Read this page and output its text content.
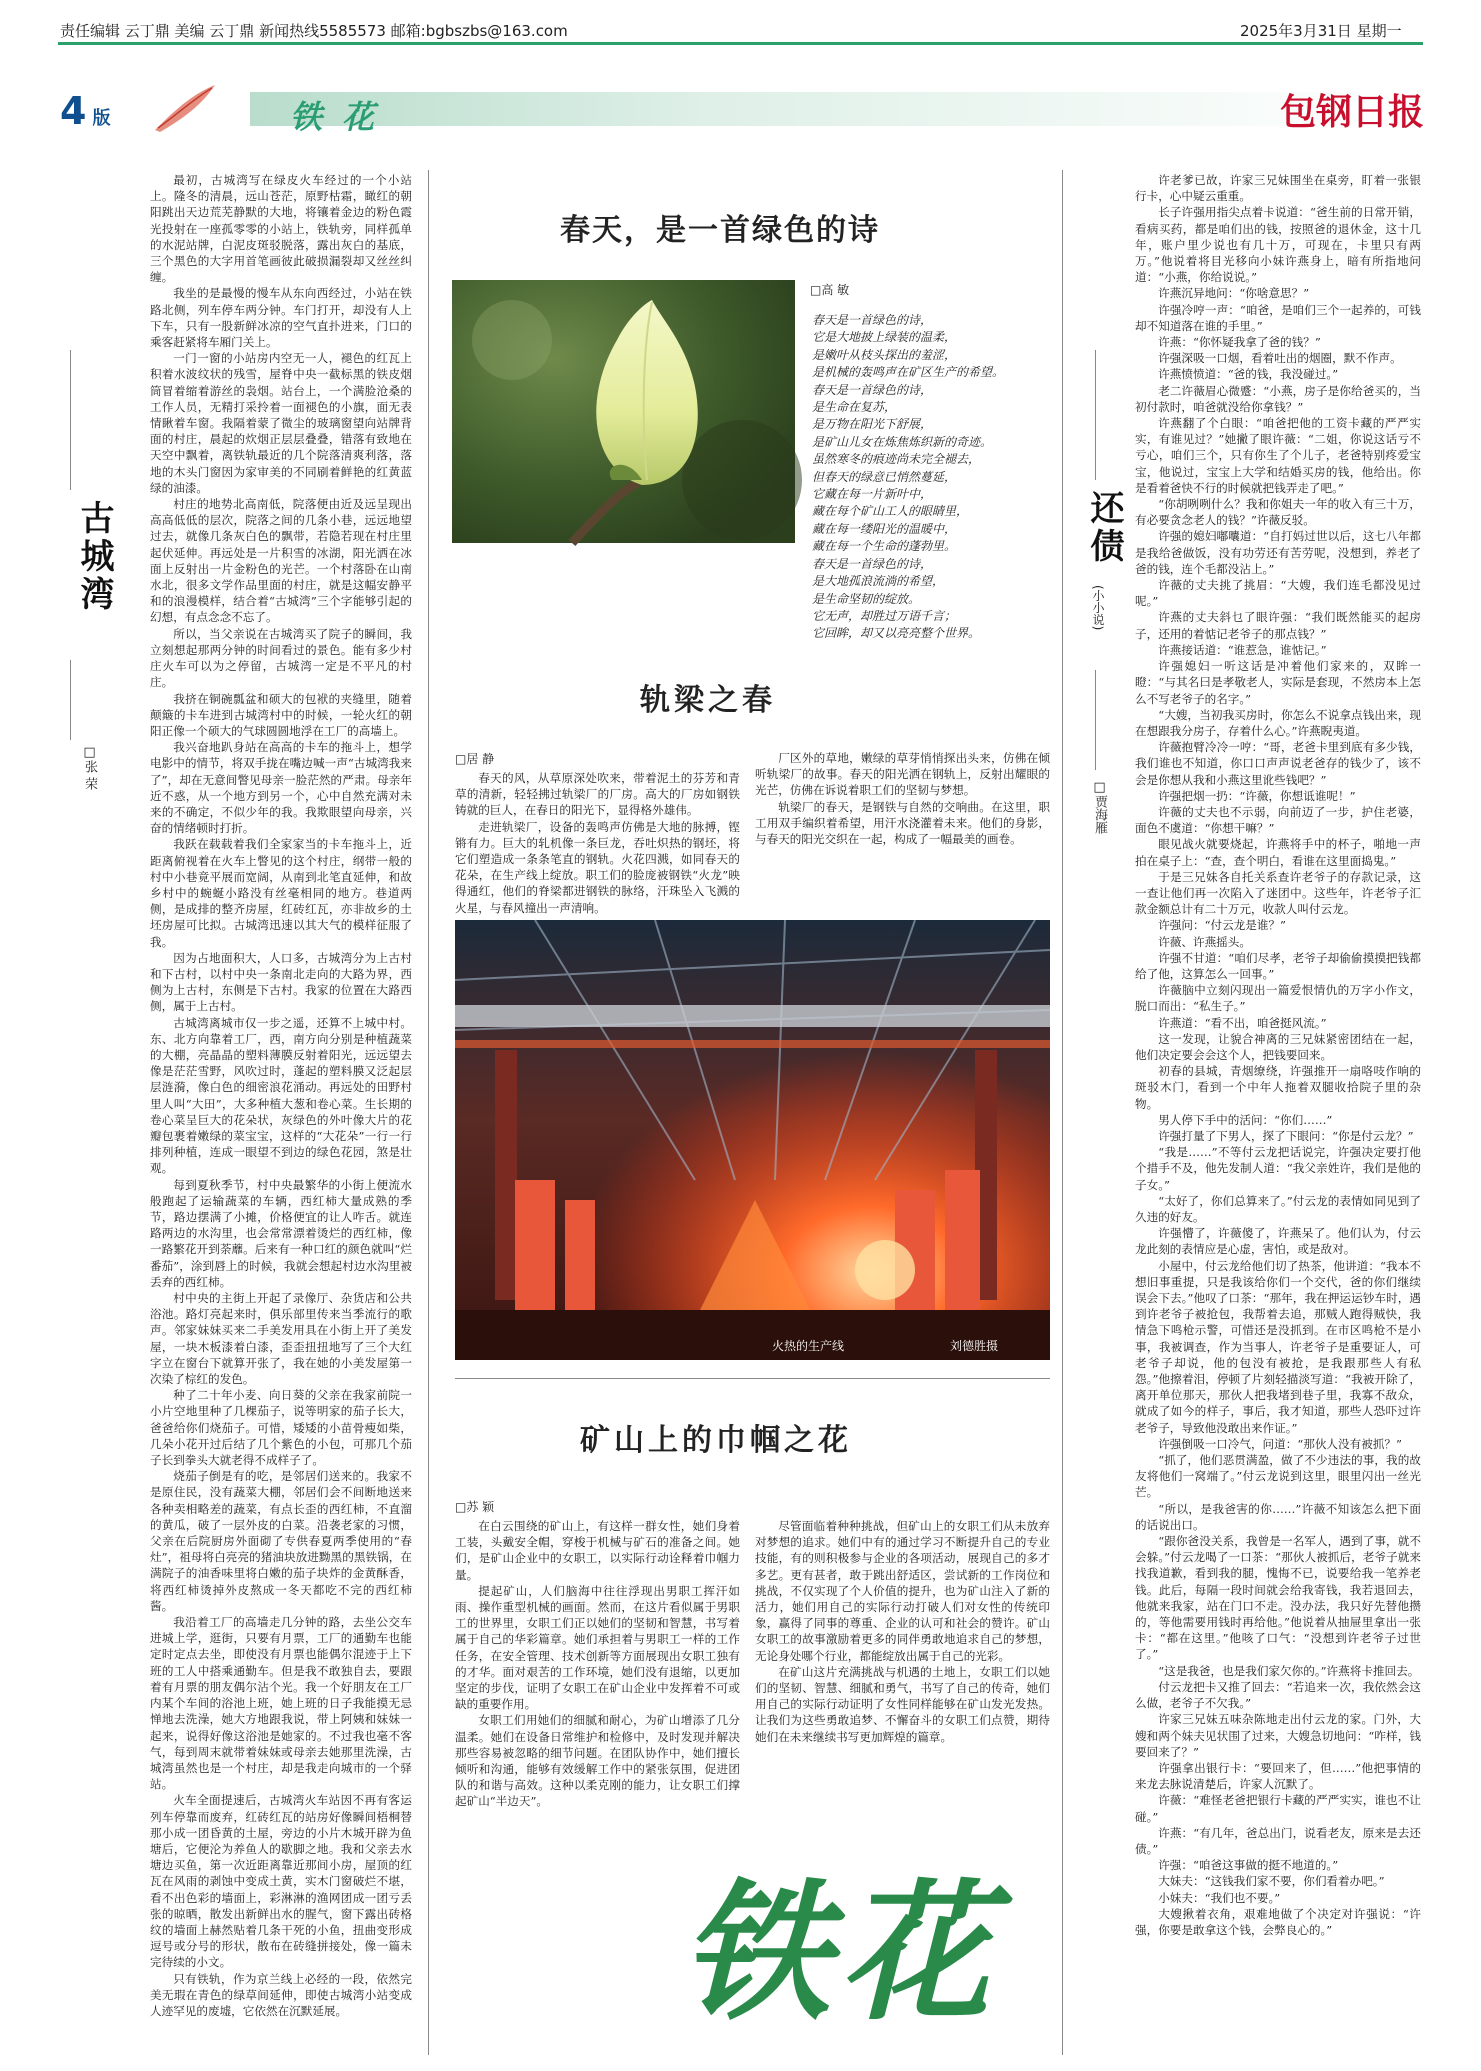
责任编辑 云丁鼎 美编 云丁鼎 新闻热线5585573 邮箱:bgbszbs@163.com	2025年3月31日 星期一
4 版	铁花	包钢日报
古城湾
□张 荣

最初，古城湾写在绿皮火车经过的一个小站上。隆冬的清晨，远山苍茫，原野枯霜，瞰红的朝阳跳出天边荒芜静默的大地，将镶着金边的粉色霞光投射在一座孤零零的小站上，铁轨旁，同样孤单的水泥站牌，白泥皮斑驳脱落，露出灰白的基底，三个黑色的大字用首笔画彼此破损漏裂却又丝丝纠缠。

我坐的是最慢的慢车从东向西经过，小站在铁路北侧，列车停车两分钟。车门打开，却没有人上下车，只有一股新鲜冰凉的空气直扑进来，门口的乘客赶紧将车厢门关上。

一门一窗的小站房内空无一人，褪色的红瓦上积着水波纹状的残雪，屋脊中央一截标黑的铁皮烟筒冒着缩着游丝的袅烟。站台上，一个满脸沧桑的工作人员，无精打采拎着一面褪色的小旗，面无表情瞅着车窗。我隔着蒙了微尘的玻璃窗望向站牌背面的村庄，晨起的炊烟正层层叠叠，错落有致地在天空中飘着，离铁轨最近的几个院落清爽利落，落地的木头门窗因为家审美的不同刷着鲜艳的红黄蓝绿的油漆。

村庄的地势北高南低，院落便由近及远呈现出高高低低的层次，院落之间的几条小巷，远远地望过去，就像几条灰白色的飘带，若隐若现在村庄里起伏延伸。再远处是一片积雪的冰湖，阳光洒在冰面上反射出一片金粉色的光芒。一个村落卧在山南水北，很多文学作品里面的村庄，就是这幅安静平和的浪漫模样，结合着“古城湾”三个字能够引起的幻想，有点念念不忘了。

所以，当父亲说在古城湾买了院子的瞬间，我立刻想起那两分钟的时间看过的景色。能有多少村庄火车可以为之停留，古城湾一定是不平凡的村庄。

我挤在铜碗瓢盆和硕大的包袱的夹缝里，随着颠簸的卡车进到古城湾村中的时候，一轮火红的朝阳正像一个硕大的气球圆圆地浮在工厂的高墙上。

我兴奋地趴身站在高高的卡车的拖斗上，想学电影中的情节，将双手拢在嘴边喊一声“古城湾我来了”，却在无意间瞥见母亲一脸茫然的严肃。母亲年近不惑，从一个地方到另一个，心中自然充满对未来的不确定，不似少年的我。我欺眼望向母亲，兴奋的情绪顿时打折。

我跃在载载着我们全家家当的卡车拖斗上，近距离俯视着在火车上瞥见的这个村庄，纲带一般的村中小巷竟平展而宽阔，从南到北笔直延伸，和故乡村中的蜿蜒小路没有丝毫相同的地方。巷道两侧，是成排的整齐房屋，红砖红瓦，亦非故乡的土坯房屋可比拟。古城湾迅速以其大气的模样征服了我。

因为占地面积大，人口多，古城湾分为上古村和下古村，以村中央一条南北走向的大路为界，西侧为上古村，东侧是下古村。我家的位置在大路西侧，属于上古村。

古城湾离城市仅一步之遥，还算不上城中村。东、北方向靠着工厂，西，南方向分别是种植蔬菜的大棚，亮晶晶的塑料薄膜反射着阳光，远远望去像是茫茫雪野，风吹过时，蓬起的塑料膜又泛起层层涟漪，像白色的细密浪花涌动。再远处的田野村里人叫“大田”，大多种植大葱和卷心菜。生长期的卷心菜呈巨大的花朵状，灰绿色的外叶像大片的花瓣包裹着嫩绿的菜宝宝，这样的“大花朵”一行一行排列种植，连成一眼望不到边的绿色花园，煞是壮观。

每到夏秋季节，村中央最繁华的小街上便流水般跑起了运输蔬菜的车辆，西红柿大量成熟的季节，路边摆满了小摊，价格便宜的让人咋舌。就连路两边的水沟里，也会常常漂着烫烂的西红柿，像一路繁花开到荼蘼。后来有一种口红的颜色就叫“烂番茄”，涂到唇上的时候，我就会想起村边水沟里被丢弃的西红柿。

村中央的主街上开起了录像厅、杂货店和公共浴池。路灯亮起来时，俱乐部里传来当季流行的歌声。邻家妹妹买来二手美发用具在小街上开了美发屋，一块木板漆着白漆，歪歪扭扭地写了三个大红字立在窗台下就算开张了，我在她的小美发屋第一次染了棕红的发色。

种了二十年小麦、向日葵的父亲在我家前院一小片空地里种了几棵茄子，说等明家的茄子长大，爸爸给你们烧茄子。可惜，矮矮的小苗骨瘦如柴，几朵小花开过后结了几个紫色的小包，可那几个茄子长到拳头大就老得不成样子了。

烧茄子倒是有的吃，是邻居们送来的。我家不是原住民，没有蔬菜大棚，邻居们会不间断地送来各种卖相略差的蔬菜，有点长歪的西红柿，不直溜的黄瓜，破了一层外皮的白菜。沿袭老家的习惯，父亲在后院厨房外面砌了专供春夏两季使用的“春灶”，祖母将白亮亮的猪油块放进黝黑的黑铁锅，在满院子的油香味里将白嫩的茄子块炸的金黄酥香，将西红柿烫掉外皮熬成一冬天都吃不完的西红柿酱。

我沿着工厂的高墙走几分钟的路，去坐公交车进城上学，逛街，只要有月票，工厂的通勤车也能定时定点去坐，即使没有月票也能偶尔混迹于上下班的工人中搭乘通勤车。但是我不敢独自去，要跟着有月票的朋友偶尔沾个光。我一个好朋友在工厂内某个车间的浴池上班，她上班的日子我能摸无忌惮地去洗澡，她大方地跟我说，带上阿姨和妹妹一起来，说得好像这浴池是她家的。不过我也毫不客气，每到周末就带着妹妹或母亲去她那里洗澡，古城湾虽然也是一个村庄，却是我走向城市的一个驿站。

火车全面提速后，古城湾火车站因不再有客运列车停靠而废弃，红砖红瓦的站房好像瞬间梧桐替那小成一团昏黄的土屋，旁边的小片木城开辟为鱼塘后，它便沦为养鱼人的歇脚之地。我和父亲去水塘边买鱼，第一次近距离靠近那间小房，屋顶的红瓦在风雨的剥蚀中变成土黄，实木门窗破烂不堪，看不出色彩的墙面上，彩淋淋的渔网团成一团亏丢张的晾晒，散发出新鲜出水的腥气，窗下露出砖格纹的墙面上赫然贴着几条干死的小鱼，扭曲变形成逗号或分号的形状，散布在砖缝拼接处，像一篇未完待续的小文。

只有铁轨，作为京兰线上必经的一段，依然完美无瑕在青色的绿草间延伸，即使古城湾小站变成人迹罕见的废墟，它依然在沉默延展。

春天，是一首绿色的诗
□高 敏
春天是一首绿色的诗，
它是大地披上绿装的温柔，
是嫩叶从枝头探出的羞涩，
是机械的轰鸣声在矿区生产的希望。
春天是一首绿色的诗，
是生命在复苏，
是万物在阳光下舒展，
是矿山儿女在炼焦炼织新的奇迹。
虽然寒冬的痕迹尚未完全褪去，
但春天的绿意已悄然蔓延，
它藏在每一片新叶中，
藏在每个矿山工人的眼睛里，
藏在每一缕阳光的温暖中，
藏在每一个生命的蓬勃里。
春天是一首绿色的诗，
是大地孤浪流淌的希望，
是生命坚韧的绽放。
它无声，却胜过万语千言；
它回眸，却又以亮亮整个世界。
轨梁之春
□居 静

春天的风，从草原深处吹来，带着泥土的芬芳和青草的清新，轻轻拂过轨梁厂的厂房。高大的厂房如钢铁铸就的巨人，在春日的阳光下，显得格外雄伟。

走进轨梁厂，设备的轰鸣声仿佛是大地的脉搏，铿锵有力。巨大的轧机像一条巨龙，吞吐炽热的钢坯，将它们塑造成一条条笔直的钢轨。火花四溅，如同春天的花朵，在生产线上绽放。职工们的脸庞被钢铁“火龙”映得通红，他们的脊梁都进钢铁的脉络，汗珠坠入飞溅的火星，与春风撞出一声清响。

厂区外的草地，嫩绿的草芽悄悄探出头来，仿佛在倾听轨梁厂的故事。春天的阳光洒在钢轨上，反射出耀眼的光芒，仿佛在诉说着职工们的坚韧与梦想。

轨梁厂的春天，是钢铁与自然的交响曲。在这里，职工用双手编织着希望，用汗水浇灌着未来。他们的身影，与春天的阳光交织在一起，构成了一幅最美的画卷。

火热的生产线	刘德胜摄
矿山上的巾帼之花
□苏 颖

在白云围绕的矿山上，有这样一群女性，她们身着工装，头戴安全帽，穿梭于机械与矿石的准备之间。她们，是矿山企业中的女职工，以实际行动诠释着巾帼力量。

提起矿山，人们脑海中往往浮现出男职工挥汗如雨、操作重型机械的画面。然而，在这片看似属于男职工的世界里，女职工们正以她们的坚韧和智慧，书写着属于自己的华彩篇章。她们承担着与男职工一样的工作任务，在安全管理、技术创新等方面展现出女职工独有的才华。面对艰苦的工作环境，她们没有退缩，以更加坚定的步伐，证明了女职工在矿山企业中发挥着不可或缺的重要作用。

女职工们用她们的细腻和耐心，为矿山增添了几分温柔。她们在设备日常维护和检修中，及时发现并解决那些容易被忽略的细节问题。在团队协作中，她们擅长倾听和沟通，能够有效缓解工作中的紧张氛围，促进团队的和谐与高效。这种以柔克刚的能力，让女职工们撑起矿山“半边天”。

尽管面临着种种挑战，但矿山上的女职工们从未放弃对梦想的追求。她们中有的通过学习不断提升自己的专业技能，有的则积极参与企业的各项活动，展现自己的多才多艺。更有甚者，敢于跳出舒适区，尝试新的工作岗位和挑战，不仅实现了个人价值的提升，也为矿山注入了新的活力，她们用自己的实际行动打破人们对女性的传统印象，赢得了同事的尊重、企业的认可和社会的赞许。矿山女职工的故事激励着更多的同伴勇敢地追求自己的梦想，无论身处哪个行业，都能绽放出属于自己的光彩。

在矿山这片充满挑战与机遇的土地上，女职工们以她们的坚韧、智慧、细腻和勇气，书写了自己的传奇，她们用自己的实际行动证明了女性同样能够在矿山发光发热。让我们为这些勇敢追梦、不懈奋斗的女职工们点赞，期待她们在未来继续书写更加辉煌的篇章。

铁花
还债
(小小说)
□贾海雁

许老爹已故，许家三兄妹围坐在桌旁，盯着一张银行卡，心中疑云重重。

长子许强用指尖点着卡说道：“爸生前的日常开销，看病买药，都是咱们出的钱，按照爸的退休金，这十几年，账户里少说也有几十万，可现在，卡里只有两万。”他说着将目光移向小妹许燕身上，暗有所指地问道：“小燕，你给说说。”

许燕沉异地问：“你啥意思？”

许强冷哼一声：“咱爸，是咱们三个一起养的，可钱却不知道落在谁的手里。”

许燕：“你怀疑我拿了爸的钱？”

许强深吸一口烟，看着吐出的烟圈，默不作声。

许燕愤愤道：“爸的钱，我没碰过。”

老二许薇眉心微蹙：“小燕，房子是你给爸买的，当初付款时，咱爸就没给你拿钱？”

许燕翻了个白眼：“咱爸把他的工资卡藏的严严实实，有谁见过？”她撇了眼许薇：“二姐，你说这话亏不亏心，咱们三个，只有你生了个儿子，老爸特别疼爱宝宝，他说过，宝宝上大学和结婚买房的钱，他给出。你是看着爸快不行的时候就把钱弄走了吧。”

“你胡咧咧什么？我和你姐夫一年的收入有三十万，有必要贪念老人的钱？”许薇反驳。

许强的媳妇嘟囔道：“自打妈过世以后，这七八年都是我给爸做饭，没有功劳还有苦劳呢，没想到，养老了爸的钱，连个毛都没沾上。”

许薇的丈夫挑了挑眉：“大嫂，我们连毛都没见过呢。”

许燕的丈夫斜乜了眼许强：“我们既然能买的起房子，还用的着惦记老爷子的那点钱？”

许燕接话道：“谁惹急，谁惦记。”

许强媳妇一听这话是冲着他们家来的，双眸一瞪：“与其名曰是孝敬老人，实际是套现，不然房本上怎么不写老爷子的名字。”

“大嫂，当初我买房时，你怎么不说拿点钱出来，现在想跟我分房子，存着什么心。”许燕睨夷道。

许薇抱臂冷冷一哼：“哥，老爸卡里到底有多少钱，我们谁也不知道，你口口声声说老爸存的钱少了，该不会是你想从我和小燕这里讹些钱吧？”

许强把烟一扔：“许薇，你想诋谁呢！”

许薇的丈夫也不示弱，向前迈了一步，护住老婆，面色不虞道：“你想干嘛？”

眼见战火就要烧起，许燕将手中的杯子，啪地一声拍在桌子上：“查，查个明白，看谁在这里面捣鬼。”

于是三兄妹各自托关系查许老爷子的存款记录，这一查让他们再一次陷入了迷团中。这些年，许老爷子汇款金额总计有二十万元，收款人叫付云龙。

许强问：“付云龙是谁？”

许薇、许燕摇头。

许强不甘道：“咱们尽孝，老爷子却偷偷摸摸把钱都给了他，这算怎么一回事。”

许薇脑中立刻闪现出一篇爱恨情仇的万字小作文，脱口而出：“私生子。”

许燕道：“看不出，咱爸挺风流。”

这一发现，让貌合神离的三兄妹紧密团结在一起，他们决定要会会这个人，把钱要回来。

初春的县城，青烟缭绕，许强推开一扇咯吱作响的斑驳木门，看到一个中年人拖着双腿收拾院子里的杂物。

男人停下手中的活问：“你们……”

许强打量了下男人，探了下眼问：“你是付云龙？”

“我是……”不等付云龙把话说完，许强决定要打他个措手不及，他先发制人道：“我父亲姓许，我们是他的子女。”

“太好了，你们总算来了。”付云龙的表情如同见到了久违的好友。

许强懵了，许薇傻了，许燕呆了。他们认为，付云龙此刻的表情应是心虚，害怕，或是敌对。

小屋中，付云龙给他们切了热茶，他讲道：“我本不想旧事重提，只是我该给你们一个交代，爸的你们继续误会下去。”他叹了口茶：“那年，我在押运运钞车时，遇到许老爷子被抢包，我帮着去追，那贼人跑得贼快，我情急下鸣枪示警，可惜还是没抓到。在市区鸣枪不是小事，我被调查，作为当事人，许老爷子是重要证人，可老爷子却说，他的包没有被抢，是我跟那些人有私怨。”他擦着泪，停顿了片刻轻描淡写道：“我被开除了，离开单位那天，那伙人把我堵到巷子里，我寡不敌众，就成了如今的样子，事后，我才知道，那些人恐吓过许老爷子，导致他没敢出来作证。”

许强倒吸一口冷气，问道：“那伙人没有被抓？”

“抓了，他们恶贯满盈，做了不少违法的事，我的故友将他们一窝端了。”付云龙说到这里，眼里闪出一丝光芒。

“所以，是我爸害的你……”许薇不知该怎么把下面的话说出口。

“跟你爸没关系，我曾是一名军人，遇到了事，就不会躲。”付云龙喝了一口茶：“那伙人被抓后，老爷子就来找我道歉，看到我的腿，愧悔不已，说要给我一笔养老钱。此后，每隔一段时间就会给我寄钱，我若退回去，他就来我家，站在门口不走。没办法，我只好先替他攒的，等他需要用钱时再给他。”他说着从抽屉里拿出一张卡：“都在这里。”他咳了口气：“没想到许老爷子过世了。”

“这是我爸，也是我们家欠你的。”许燕将卡推回去。

付云龙把卡又推了回去：“若追来一次，我依然会这么做，老爷子不欠我。”

许家三兄妹五味杂陈地走出付云龙的家。门外，大嫂和两个妹夫见状围了过来，大嫂急切地问：“咋样，钱要回来了？”

许强拿出银行卡：“要回来了，但……”他把事情的来龙去脉说清楚后，许家人沉默了。

许薇：“难怪老爸把银行卡藏的严严实实，谁也不让碰。”

许燕：“有几年，爸总出门，说看老友，原来是去还债。”

许强：“咱爸这事做的挺不地道的。”

大妹夫：“这钱我们家不要，你们看着办吧。”

小妹夫：“我们也不要。”

大嫂揪着衣角，艰难地做了个决定对许强说：“许强，你要是敢拿这个钱，会弊良心的。”
